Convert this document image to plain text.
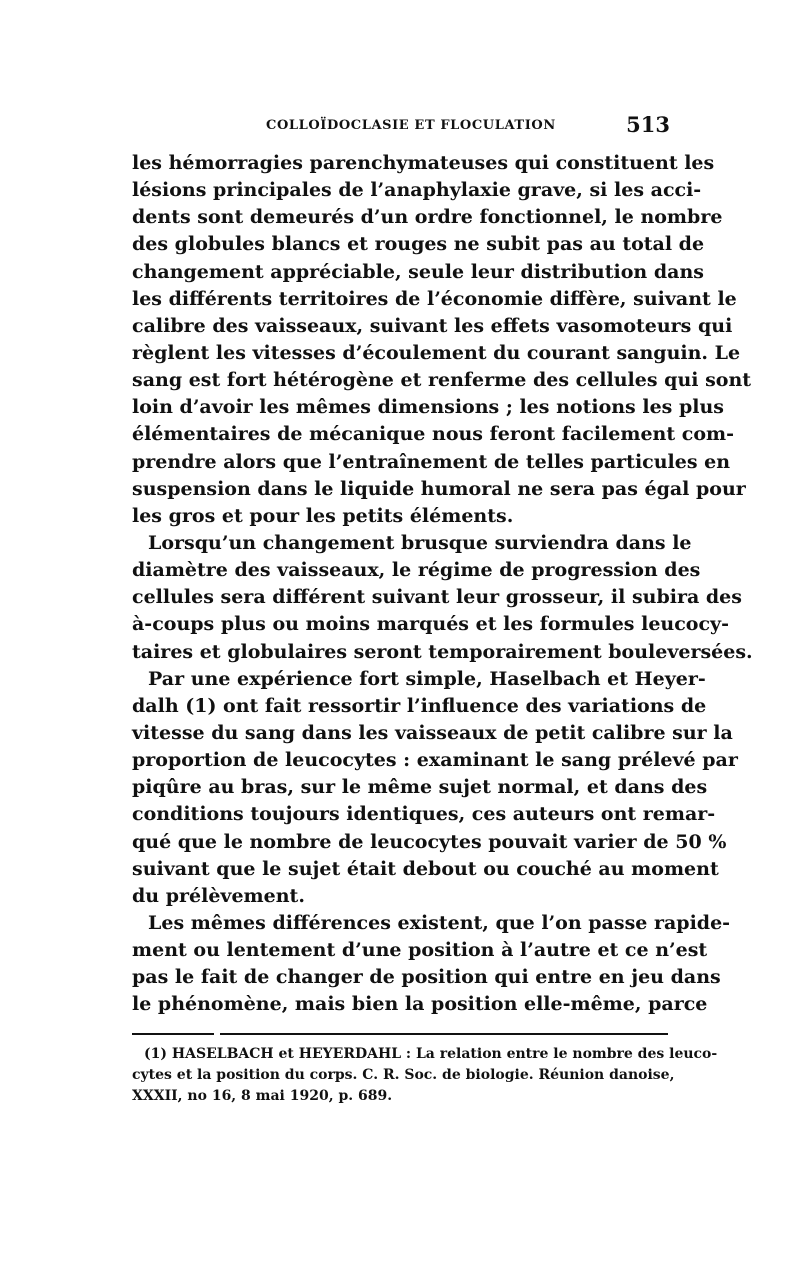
COLLOÏDOCLASIE ET FLOCULATION	513
les hémorragies parenchymateuses qui constituent les
lésions principales de l’anaphylaxie grave, si les acci-
dents sont demeurés d’un ordre fonctionnel, le nombre
des globules blancs et rouges ne subit pas au total de
changement appréciable, seule leur distribution dans
les différents territoires de l’économie diffère, suivant le
calibre des vaisseaux, suivant les effets vasomoteurs qui
règlent les vitesses d’écoulement du courant sanguin. Le
sang est fort hétérogène et renferme des cellules qui sont
loin d’avoir les mêmes dimensions ; les notions les plus
élémentaires de mécanique nous feront facilement com-
prendre alors que l’entraînement de telles particules en
suspension dans le liquide humoral ne sera pas égal pour
les gros et pour les petits éléments.
Lorsqu’un changement brusque surviendra dans le
diamètre des vaisseaux, le régime de progression des
cellules sera différent suivant leur grosseur, il subira des
à-coups plus ou moins marqués et les formules leucocy-
taires et globulaires seront temporairement bouleversées.
Par une expérience fort simple, Haselbach et Heyer-
dalh (1) ont fait ressortir l’influence des variations de
vitesse du sang dans les vaisseaux de petit calibre sur la
proportion de leucocytes : examinant le sang prélevé par
piqûre au bras, sur le même sujet normal, et dans des
conditions toujours identiques, ces auteurs ont remar-
qué que le nombre de leucocytes pouvait varier de 50 %
suivant que le sujet était debout ou couché au moment
du prélèvement.
Les mêmes différences existent, que l’on passe rapide-
ment ou lentement d’une position à l’autre et ce n’est
pas le fait de changer de position qui entre en jeu dans
le phénomène, mais bien la position elle-même, parce
(1) HASELBACH et HEYERDAHL : La relation entre le nombre des leuco-
cytes et la position du corps. C. R. Soc. de biologie. Réunion danoise,
XXXII, no 16, 8 mai 1920, p. 689.
